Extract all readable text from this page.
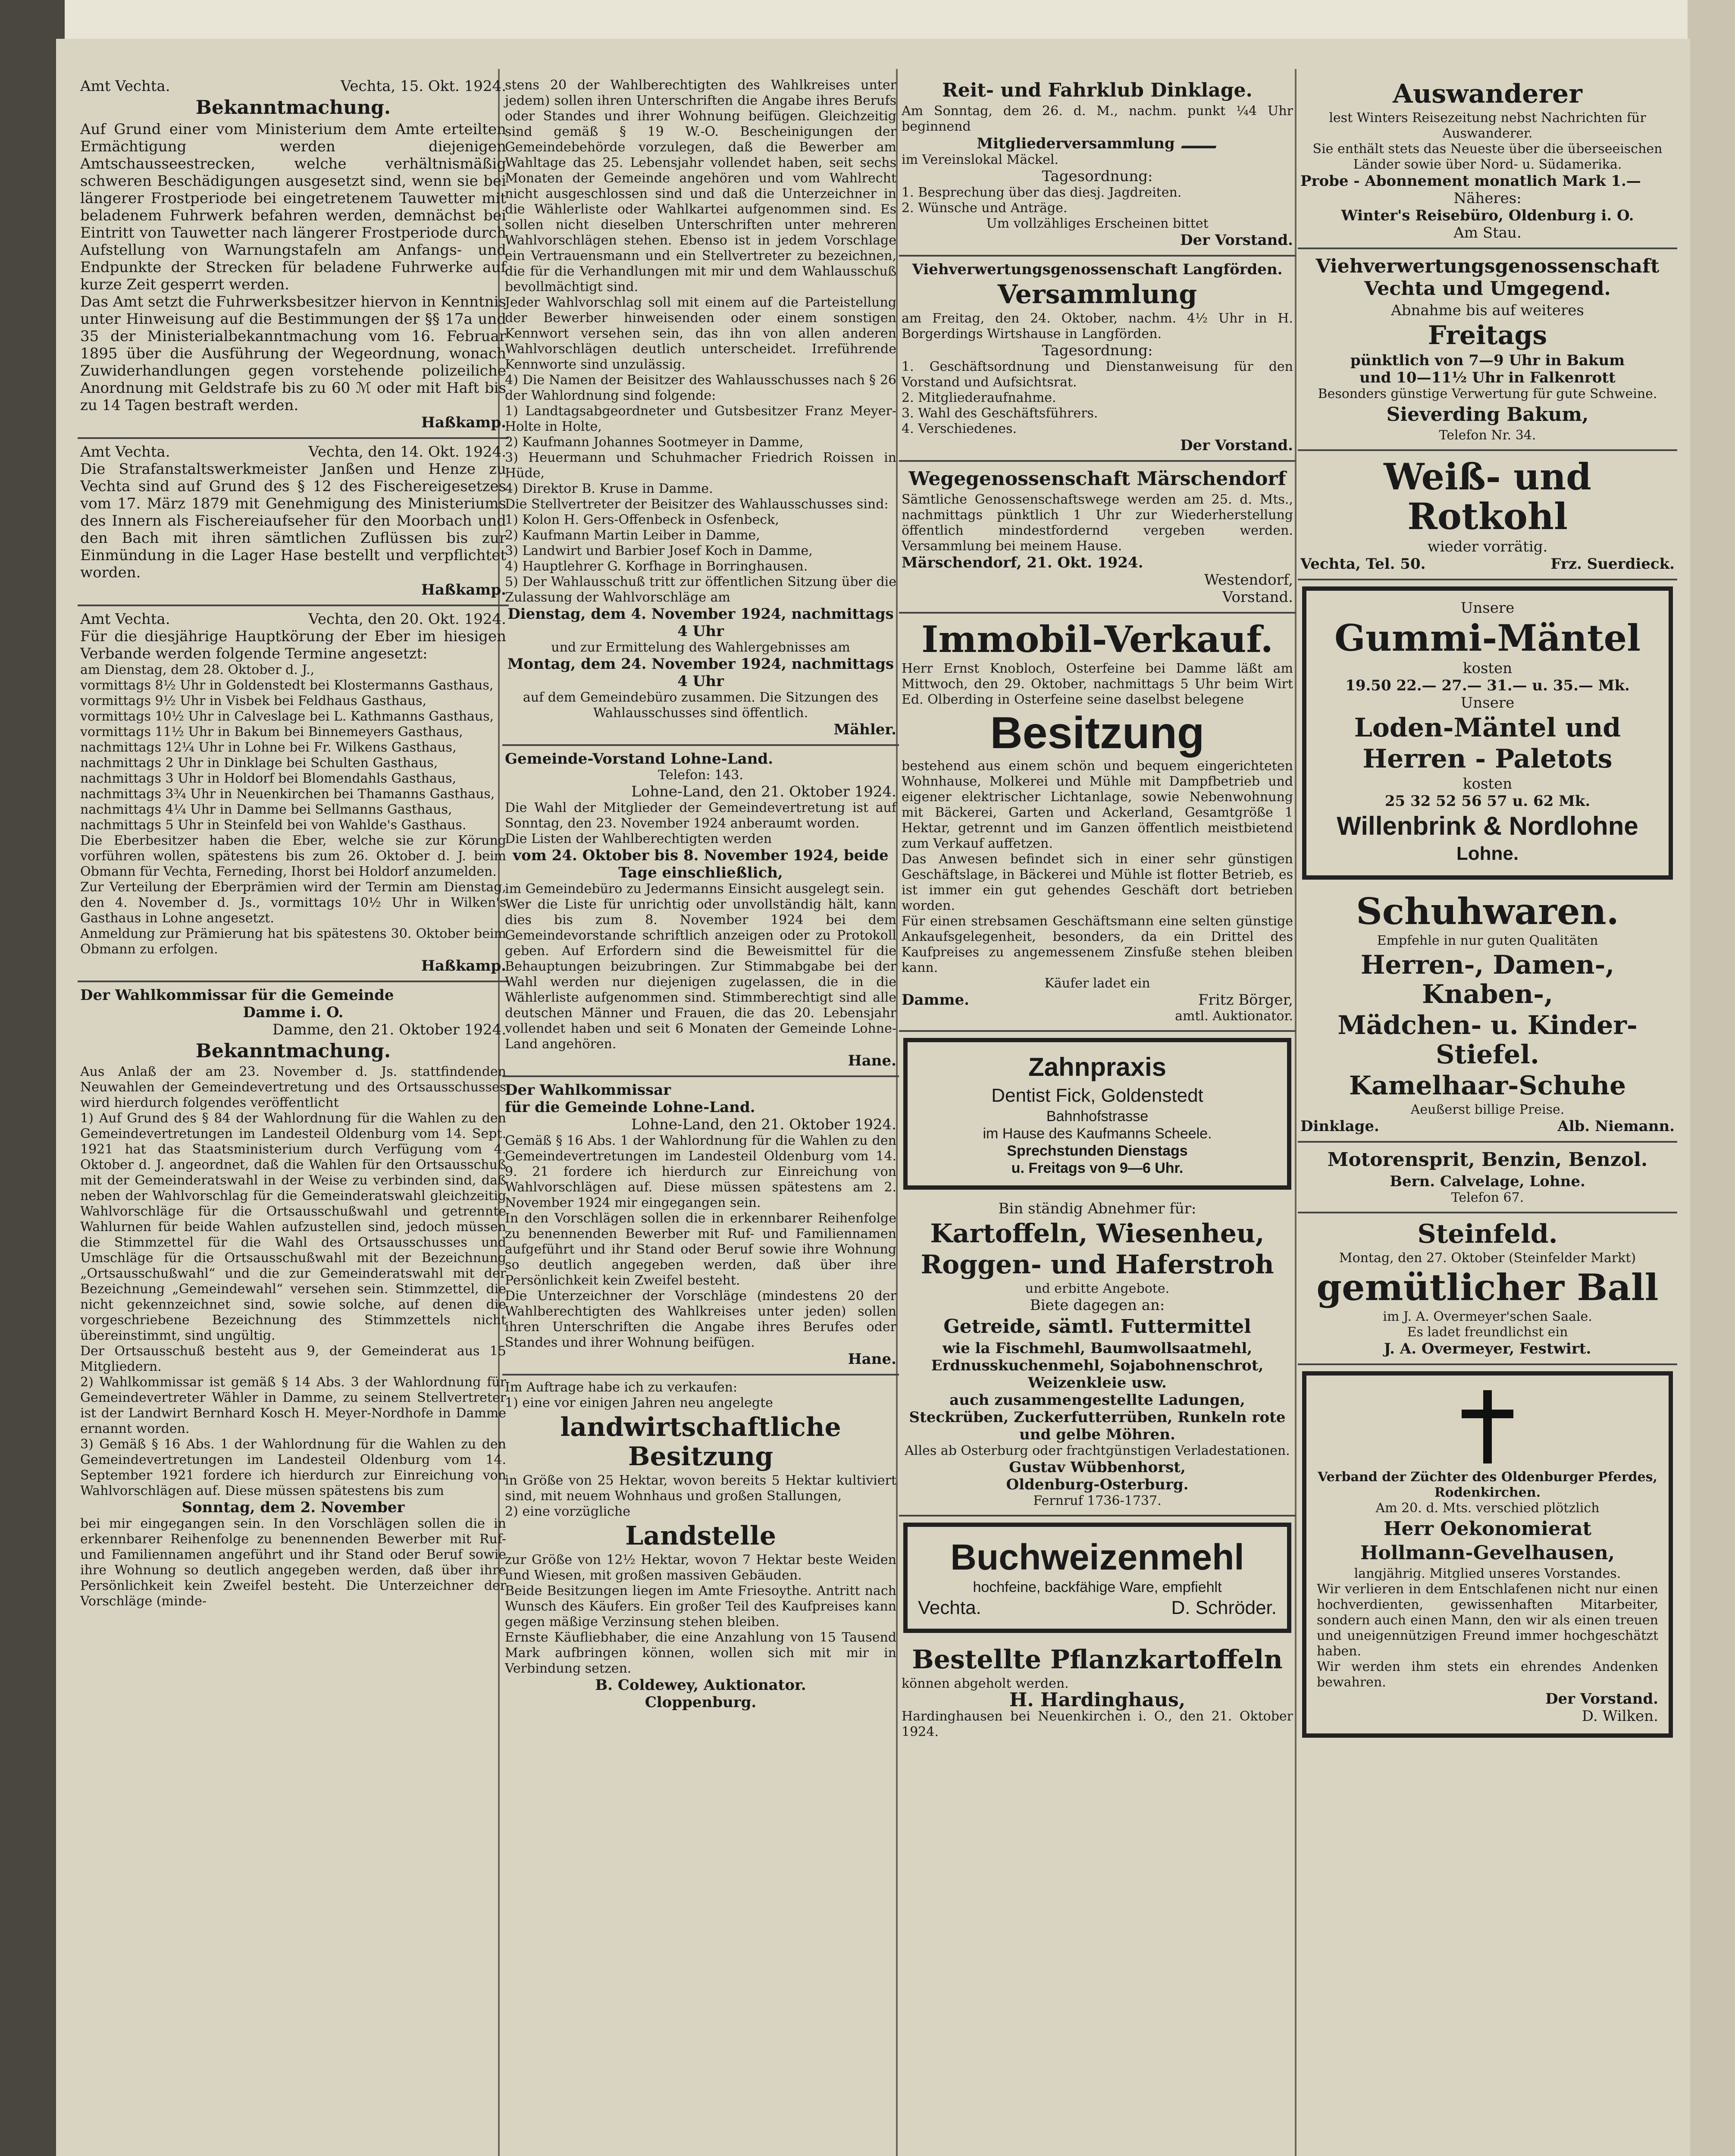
Amt Vechta.	Vechta, 15. Okt. 1924.
Bekanntmachung.

Auf Grund einer vom Ministerium dem Amte erteilten Ermächtigung werden diejenigen Amtschausseestrecken, welche verhältnismäßig schweren Beschädigungen ausgesetzt sind, wenn sie bei längerer Frostperiode bei eingetretenem Tauwetter mit beladenem Fuhrwerk befahren werden, demnächst bei Eintritt von Tauwetter nach längerer Frostperiode durch Aufstellung von Warnungstafeln am Anfangs- und Endpunkte der Strecken für beladene Fuhrwerke auf kurze Zeit gesperrt werden.

Das Amt setzt die Fuhrwerksbesitzer hiervon in Kenntnis unter Hinweisung auf die Bestimmungen der §§ 17a und 35 der Ministerialbekanntmachung vom 16. Februar 1895 über die Ausführung der Wegeordnung, wonach Zuwiderhandlungen gegen vorstehende polizeiliche Anordnung mit Geldstrafe bis zu 60 ℳ oder mit Haft bis zu 14 Tagen bestraft werden.

Haßkamp.
Amt Vechta.	Vechta, den 14. Okt. 1924.

Die Strafanstaltswerkmeister Janßen und Henze zu Vechta sind auf Grund des § 12 des Fischereigesetzes vom 17. März 1879 mit Genehmigung des Ministeriums des Innern als Fischereiaufseher für den Moorbach und den Bach mit ihren sämtlichen Zuflüssen bis zur Einmündung in die Lager Hase bestellt und verpflichtet worden.

Haßkamp.
Amt Vechta.	Vechta, den 20. Okt. 1924.

Für die diesjährige Hauptkörung der Eber im hiesigen Verbande werden folgende Termine angesetzt:

am Dienstag, dem 28. Oktober d. J.,

vormittags 8½ Uhr in Goldenstedt bei Klostermanns Gasthaus,

vormittags 9½ Uhr in Visbek bei Feldhaus Gasthaus,

vormittags 10½ Uhr in Calveslage bei L. Kathmanns Gasthaus,

vormittags 11½ Uhr in Bakum bei Binnemeyers Gasthaus,

nachmittags 12¼ Uhr in Lohne bei Fr. Wilkens Gasthaus,

nachmittags 2 Uhr in Dinklage bei Schulten Gasthaus,

nachmittags 3 Uhr in Holdorf bei Blomendahls Gasthaus,

nachmittags 3¾ Uhr in Neuenkirchen bei Thamanns Gasthaus,

nachmittags 4¼ Uhr in Damme bei Sellmanns Gasthaus,

nachmittags 5 Uhr in Steinfeld bei von Wahlde's Gasthaus.

Die Eberbesitzer haben die Eber, welche sie zur Körung vorführen wollen, spätestens bis zum 26. Oktober d. J. beim Obmann für Vechta, Ferneding, Ihorst bei Holdorf anzumelden.

Zur Verteilung der Eberprämien wird der Termin am Dienstag, den 4. November d. Js., vormittags 10½ Uhr in Wilken's Gasthaus in Lohne angesetzt.

Anmeldung zur Prämierung hat bis spätestens 30. Oktober beim Obmann zu erfolgen.

Haßkamp.
Der Wahlkommissar für die Gemeinde
Damme i. O.
Damme, den 21. Oktober 1924.
Bekanntmachung.

Aus Anlaß der am 23. November d. Js. stattfindenden Neuwahlen der Gemeindevertretung und des Ortsausschusses wird hierdurch folgendes veröffentlicht

1) Auf Grund des § 84 der Wahlordnung für die Wahlen zu den Gemeindevertretungen im Landesteil Oldenburg vom 14. Sept. 1921 hat das Staatsministerium durch Verfügung vom 4. Oktober d. J. angeordnet, daß die Wahlen für den Ortsausschuß mit der Gemeinderatswahl in der Weise zu verbinden sind, daß neben der Wahlvorschlag für die Gemeinderatswahl gleichzeitig Wahlvorschläge für die Ortsausschußwahl und getrennte Wahlurnen für beide Wahlen aufzustellen sind, jedoch müssen die Stimmzettel für die Wahl des Ortsausschusses und Umschläge für die Ortsausschußwahl mit der Bezeichnung „Ortsausschußwahl“ und die zur Gemeinderatswahl mit der Bezeichnung „Gemeindewahl“ versehen sein. Stimmzettel, die nicht gekennzeichnet sind, sowie solche, auf denen die vorgeschriebene Bezeichnung des Stimmzettels nicht übereinstimmt, sind ungültig.

Der Ortsausschuß besteht aus 9, der Gemeinderat aus 15 Mitgliedern.

2) Wahlkommissar ist gemäß § 14 Abs. 3 der Wahlordnung für Gemeindevertreter Wähler in Damme, zu seinem Stellvertreter ist der Landwirt Bernhard Kosch H. Meyer-Nordhofe in Damme ernannt worden.

3) Gemäß § 16 Abs. 1 der Wahlordnung für die Wahlen zu den Gemeindevertretungen im Landesteil Oldenburg vom 14. September 1921 fordere ich hierdurch zur Einreichung von Wahlvorschlägen auf. Diese müssen spätestens bis zum

Sonntag, dem 2. November

bei mir eingegangen sein. In den Vorschlägen sollen die in erkennbarer Reihenfolge zu benennenden Bewerber mit Ruf- und Familiennamen angeführt und ihr Stand oder Beruf sowie ihre Wohnung so deutlich angegeben werden, daß über ihre Persönlichkeit kein Zweifel besteht. Die Unterzeichner der Vorschläge (minde-

stens 20 der Wahlberechtigten des Wahlkreises unter jedem) sollen ihren Unterschriften die Angabe ihres Berufs oder Standes und ihrer Wohnung beifügen. Gleichzeitig sind gemäß § 19 W.-O. Bescheinigungen der Gemeindebehörde vorzulegen, daß die Bewerber am Wahltage das 25. Lebensjahr vollendet haben, seit sechs Monaten der Gemeinde angehören und vom Wahlrecht nicht ausgeschlossen sind und daß die Unterzeichner in die Wählerliste oder Wahlkartei aufgenommen sind. Es sollen nicht dieselben Unterschriften unter mehreren Wahlvorschlägen stehen. Ebenso ist in jedem Vorschlage ein Vertrauensmann und ein Stellvertreter zu bezeichnen, die für die Verhandlungen mit mir und dem Wahlausschuß bevollmächtigt sind.

Jeder Wahlvorschlag soll mit einem auf die Parteistellung der Bewerber hinweisenden oder einem sonstigen Kennwort versehen sein, das ihn von allen anderen Wahlvorschlägen deutlich unterscheidet. Irreführende Kennworte sind unzulässig.

4) Die Namen der Beisitzer des Wahlausschusses nach § 26 der Wahlordnung sind folgende:

1) Landtagsabgeordneter und Gutsbesitzer Franz Meyer-Holte in Holte,

2) Kaufmann Johannes Sootmeyer in Damme,

3) Heuermann und Schuhmacher Friedrich Roissen in Hüde,

4) Direktor B. Kruse in Damme.

Die Stellvertreter der Beisitzer des Wahlausschusses sind:

1) Kolon H. Gers-Offenbeck in Osfenbeck,

2) Kaufmann Martin Leiber in Damme,

3) Landwirt und Barbier Josef Koch in Damme,

4) Hauptlehrer G. Korfhage in Borringhausen.

5) Der Wahlausschuß tritt zur öffentlichen Sitzung über die Zulassung der Wahlvorschläge am

Dienstag, dem 4. November 1924, nachmittags 4 Uhr
und zur Ermittelung des Wahlergebnisses am
Montag, dem 24. November 1924, nachmittags 4 Uhr

auf dem Gemeindebüro zusammen. Die Sitzungen des Wahlausschusses sind öffentlich.

Mähler.
Gemeinde-Vorstand Lohne-Land.
Telefon: 143.
Lohne-Land, den 21. Oktober 1924.

Die Wahl der Mitglieder der Gemeindevertretung ist auf Sonntag, den 23. November 1924 anberaumt worden.

Die Listen der Wahlberechtigten werden

vom 24. Oktober bis 8. November 1924, beide Tage einschließlich,

im Gemeindebüro zu Jedermanns Einsicht ausgelegt sein.

Wer die Liste für unrichtig oder unvollständig hält, kann dies bis zum 8. November 1924 bei dem Gemeindevorstande schriftlich anzeigen oder zu Protokoll geben. Auf Erfordern sind die Beweismittel für die Behauptungen beizubringen. Zur Stimmabgabe bei der Wahl werden nur diejenigen zugelassen, die in die Wählerliste aufgenommen sind. Stimmberechtigt sind alle deutschen Männer und Frauen, die das 20. Lebensjahr vollendet haben und seit 6 Monaten der Gemeinde Lohne-Land angehören.

Hane.
Der Wahlkommissar
für die Gemeinde Lohne-Land.
Lohne-Land, den 21. Oktober 1924.

Gemäß § 16 Abs. 1 der Wahlordnung für die Wahlen zu den Gemeindevertretungen im Landesteil Oldenburg vom 14. 9. 21 fordere ich hierdurch zur Einreichung von Wahlvorschlägen auf. Diese müssen spätestens am 2. November 1924 mir eingegangen sein.

In den Vorschlägen sollen die in erkennbarer Reihenfolge zu benennenden Bewerber mit Ruf- und Familiennamen aufgeführt und ihr Stand oder Beruf sowie ihre Wohnung so deutlich angegeben werden, daß über ihre Persönlichkeit kein Zweifel besteht.

Die Unterzeichner der Vorschläge (mindestens 20 der Wahlberechtigten des Wahlkreises unter jeden) sollen ihren Unterschriften die Angabe ihres Berufes oder Standes und ihrer Wohnung beifügen.

Hane.

Im Auftrage habe ich zu verkaufen:

1) eine vor einigen Jahren neu angelegte

landwirtschaftliche Besitzung

in Größe von 25 Hektar, wovon bereits 5 Hektar kultiviert sind, mit neuem Wohnhaus und großen Stallungen,

2) eine vorzügliche

Landstelle

zur Größe von 12½ Hektar, wovon 7 Hektar beste Weiden und Wiesen, mit großen massiven Gebäuden.

Beide Besitzungen liegen im Amte Friesoythe. Antritt nach Wunsch des Käufers. Ein großer Teil des Kaufpreises kann gegen mäßige Verzinsung stehen bleiben.

Ernste Käufliebhaber, die eine Anzahlung von 15 Tausend Mark aufbringen können, wollen sich mit mir in Verbindung setzen.

B. Coldewey, Auktionator.
Cloppenburg.
Reit- und Fahrklub Dinklage.

Am Sonntag, dem 26. d. M., nachm. punkt ¼4 Uhr beginnend

Mitgliederversammlung

im Vereinslokal Mäckel.

Tagesordnung:

1. Besprechung über das diesj. Jagdreiten.

2. Wünsche und Anträge.

Um vollzähliges Erscheinen bittet

Der Vorstand.
Viehverwertungsgenossenschaft Langförden.
Versammlung

am Freitag, den 24. Oktober, nachm. 4½ Uhr in H. Borgerdings Wirtshause in Langförden.

Tagesordnung:

1. Geschäftsordnung und Dienstanweisung für den Vorstand und Aufsichtsrat.

2. Mitgliederaufnahme.

3. Wahl des Geschäftsführers.

4. Verschiedenes.

Der Vorstand.
Wegegenossenschaft Märschendorf

Sämtliche Genossenschaftswege werden am 25. d. Mts., nachmittags pünktlich 1 Uhr zur Wiederherstellung öffentlich mindestfordernd vergeben werden. Versammlung bei meinem Hause.

Märschendorf, 21. Okt. 1924.
Westendorf,
Vorstand.
Immobil-Verkauf.

Herr Ernst Knobloch, Osterfeine bei Damme läßt am Mittwoch, den 29. Oktober, nachmittags 5 Uhr beim Wirt Ed. Olberding in Osterfeine seine daselbst belegene

Besitzung

bestehend aus einem schön und bequem eingerichteten Wohnhause, Molkerei und Mühle mit Dampfbetrieb und eigener elektrischer Lichtanlage, sowie Nebenwohnung mit Bäckerei, Garten und Ackerland, Gesamtgröße 1 Hektar, getrennt und im Ganzen öffentlich meistbietend zum Verkauf auffetzen.

Das Anwesen befindet sich in einer sehr günstigen Geschäftslage, in Bäckerei und Mühle ist flotter Betrieb, es ist immer ein gut gehendes Geschäft dort betrieben worden.

Für einen strebsamen Geschäftsmann eine selten günstige Ankaufsgelegenheit, besonders, da ein Drittel des Kaufpreises zu angemessenem Zinsfuße stehen bleiben kann.

Käufer ladet ein

Damme.	Fritz Börger,
amtl. Auktionator.
Zahnpraxis
Dentist Fick, Goldenstedt
Bahnhofstrasse
im Hause des Kaufmanns Scheele.
Sprechstunden Dienstags
u. Freitags von 9—6 Uhr.
Bin ständig Abnehmer für:
Kartoffeln, Wiesenheu,
Roggen- und Haferstroh
und erbitte Angebote.
Biete dagegen an:
Getreide, sämtl. Futtermittel
wie la Fischmehl, Baumwollsaatmehl, Erdnusskuchenmehl, Sojabohnenschrot, Weizenkleie usw.
auch zusammengestellte Ladungen, Steckrüben, Zuckerfutterrüben, Runkeln rote und gelbe Möhren.
Alles ab Osterburg oder frachtgünstigen Verladestationen.
Gustav Wübbenhorst,
Oldenburg-Osterburg.
Fernruf 1736-1737.
Buchweizenmehl
hochfeine, backfähige Ware, empfiehlt
Vechta.	D. Schröder.
Bestellte Pflanzkartoffeln
können abgeholt werden.
H. Hardinghaus,
Hardinghausen bei Neuenkirchen i. O., den 21. Oktober 1924.
Auswanderer
lest Winters Reisezeitung nebst Nachrichten für Auswanderer.
Sie enthält stets das Neueste über die überseeischen Länder sowie über Nord- u. Südamerika.
Probe - Abonnement monatlich Mark 1.—
Näheres:
Winter's Reisebüro, Oldenburg i. O.
Am Stau.
Viehverwertungsgenossenschaft Vechta und Umgegend.
Abnahme bis auf weiteres
Freitags
pünktlich von 7—9 Uhr in Bakum
und 10—11½ Uhr in Falkenrott
Besonders günstige Verwertung für gute Schweine.
Sieverding Bakum,
Telefon Nr. 34.
Weiß- und Rotkohl
wieder vorrätig.
Vechta, Tel. 50.	Frz. Suerdieck.
Unsere
Gummi-Mäntel
kosten
19.50 22.— 27.— 31.— u. 35.— Mk.
Unsere
Loden-Mäntel und
Herren - Paletots
kosten
25 32 52 56 57 u. 62 Mk.
Willenbrink & Nordlohne
Lohne.
Schuhwaren.
Empfehle in nur guten Qualitäten
Herren-, Damen-, Knaben-,
Mädchen- u. Kinder-Stiefel.
Kamelhaar-Schuhe
Aeußerst billige Preise.
Dinklage.	Alb. Niemann.
Motorensprit, Benzin, Benzol.
Bern. Calvelage, Lohne.
Telefon 67.
Steinfeld.
Montag, den 27. Oktober (Steinfelder Markt)
gemütlicher Ball
im J. A. Overmeyer'schen Saale.
Es ladet freundlichst ein
J. A. Overmeyer, Festwirt.
Verband der Züchter des Oldenburger Pferdes, Rodenkirchen.
Am 20. d. Mts. verschied plötzlich
Herr Oekonomierat
Hollmann-Gevelhausen,
langjährig. Mitglied unseres Vorstandes.

Wir verlieren in dem Entschlafenen nicht nur einen hochverdienten, gewissenhaften Mitarbeiter, sondern auch einen Mann, den wir als einen treuen und uneigennützigen Freund immer hochgeschätzt haben.

Wir werden ihm stets ein ehrendes Andenken bewahren.

Der Vorstand.
D. Wilken.
